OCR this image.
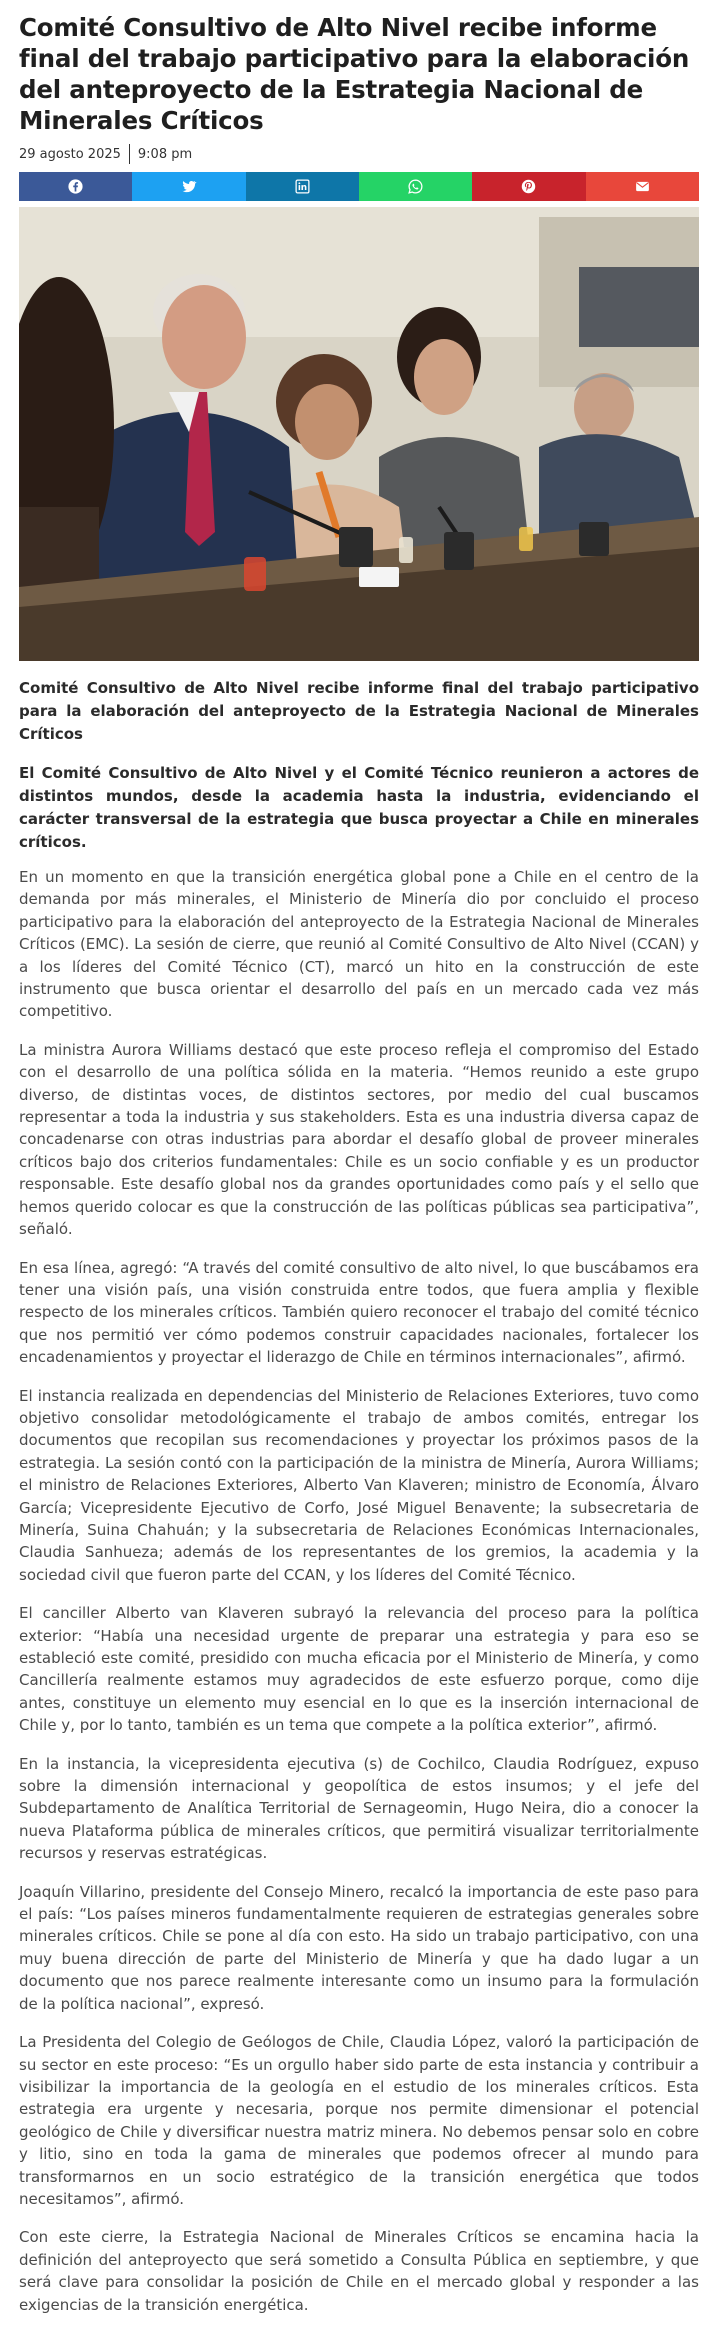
Comité Consultivo de Alto Nivel recibe informe final del trabajo participativo para la elaboración del anteproyecto de la Estrategia Nacional de Minerales Críticos
29 agosto 2025 9:08 pm

Comité Consultivo de Alto Nivel recibe informe final del trabajo participativo para la elaboración del anteproyecto de la Estrategia Nacional de Minerales Críticos

El Comité Consultivo de Alto Nivel y el Comité Técnico reunieron a actores de distintos mundos, desde la academia hasta la industria, evidenciando el carácter transversal de la estrategia que busca proyectar a Chile en minerales críticos.

En un momento en que la transición energética global pone a Chile en el centro de la demanda por más minerales, el Ministerio de Minería dio por concluido el proceso participativo para la elaboración del anteproyecto de la Estrategia Nacional de Minerales Críticos (EMC). La sesión de cierre, que reunió al Comité Consultivo de Alto Nivel (CCAN) y a los líderes del Comité Técnico (CT), marcó un hito en la construcción de este instrumento que busca orientar el desarrollo del país en un mercado cada vez más competitivo.

La ministra Aurora Williams destacó que este proceso refleja el compromiso del Estado con el desarrollo de una política sólida en la materia. “Hemos reunido a este grupo diverso, de distintas voces, de distintos sectores, por medio del cual buscamos representar a toda la industria y sus stakeholders. Esta es una industria diversa capaz de concadenarse con otras industrias para abordar el desafío global de proveer minerales críticos bajo dos criterios fundamentales: Chile es un socio confiable y es un productor responsable. Este desafío global nos da grandes oportunidades como país y el sello que hemos querido colocar es que la construcción de las políticas públicas sea participativa”, señaló.

En esa línea, agregó: “A través del comité consultivo de alto nivel, lo que buscábamos era tener una visión país, una visión construida entre todos, que fuera amplia y flexible respecto de los minerales críticos. También quiero reconocer el trabajo del comité técnico que nos permitió ver cómo podemos construir capacidades nacionales, fortalecer los encadenamientos y proyectar el liderazgo de Chile en términos internacionales”, afirmó.

El instancia realizada en dependencias del Ministerio de Relaciones Exteriores, tuvo como objetivo consolidar metodológicamente el trabajo de ambos comités, entregar los documentos que recopilan sus recomendaciones y proyectar los próximos pasos de la estrategia. La sesión contó con la participación de la ministra de Minería, Aurora Williams; el ministro de Relaciones Exteriores, Alberto Van Klaveren; ministro de Economía, Álvaro García; Vicepresidente Ejecutivo de Corfo, José Miguel Benavente; la subsecretaria de Minería, Suina Chahuán; y la subsecretaria de Relaciones Económicas Internacionales, Claudia Sanhueza; además de los representantes de los gremios, la academia y la sociedad civil que fueron parte del CCAN, y los líderes del Comité Técnico.

El canciller Alberto van Klaveren subrayó la relevancia del proceso para la política exterior: “Había una necesidad urgente de preparar una estrategia y para eso se estableció este comité, presidido con mucha eficacia por el Ministerio de Minería, y como Cancillería realmente estamos muy agradecidos de este esfuerzo porque, como dije antes, constituye un elemento muy esencial en lo que es la inserción internacional de Chile y, por lo tanto, también es un tema que compete a la política exterior”, afirmó.

En la instancia, la vicepresidenta ejecutiva (s) de Cochilco, Claudia Rodríguez, expuso sobre la dimensión internacional y geopolítica de estos insumos; y el jefe del Subdepartamento de Analítica Territorial de Sernageomin, Hugo Neira, dio a conocer la nueva Plataforma pública de minerales críticos, que permitirá visualizar territorialmente recursos y reservas estratégicas.

Joaquín Villarino, presidente del Consejo Minero, recalcó la importancia de este paso para el país: “Los países mineros fundamentalmente requieren de estrategias generales sobre minerales críticos. Chile se pone al día con esto. Ha sido un trabajo participativo, con una muy buena dirección de parte del Ministerio de Minería y que ha dado lugar a un documento que nos parece realmente interesante como un insumo para la formulación de la política nacional”, expresó.

La Presidenta del Colegio de Geólogos de Chile, Claudia López, valoró la participación de su sector en este proceso: “Es un orgullo haber sido parte de esta instancia y contribuir a visibilizar la importancia de la geología en el estudio de los minerales críticos. Esta estrategia era urgente y necesaria, porque nos permite dimensionar el potencial geológico de Chile y diversificar nuestra matriz minera. No debemos pensar solo en cobre y litio, sino en toda la gama de minerales que podemos ofrecer al mundo para transformarnos en un socio estratégico de la transición energética que todos necesitamos”, afirmó.

Con este cierre, la Estrategia Nacional de Minerales Críticos se encamina hacia la definición del anteproyecto que será sometido a Consulta Pública en septiembre, y que será clave para consolidar la posición de Chile en el mercado global y responder a las exigencias de la transición energética.
